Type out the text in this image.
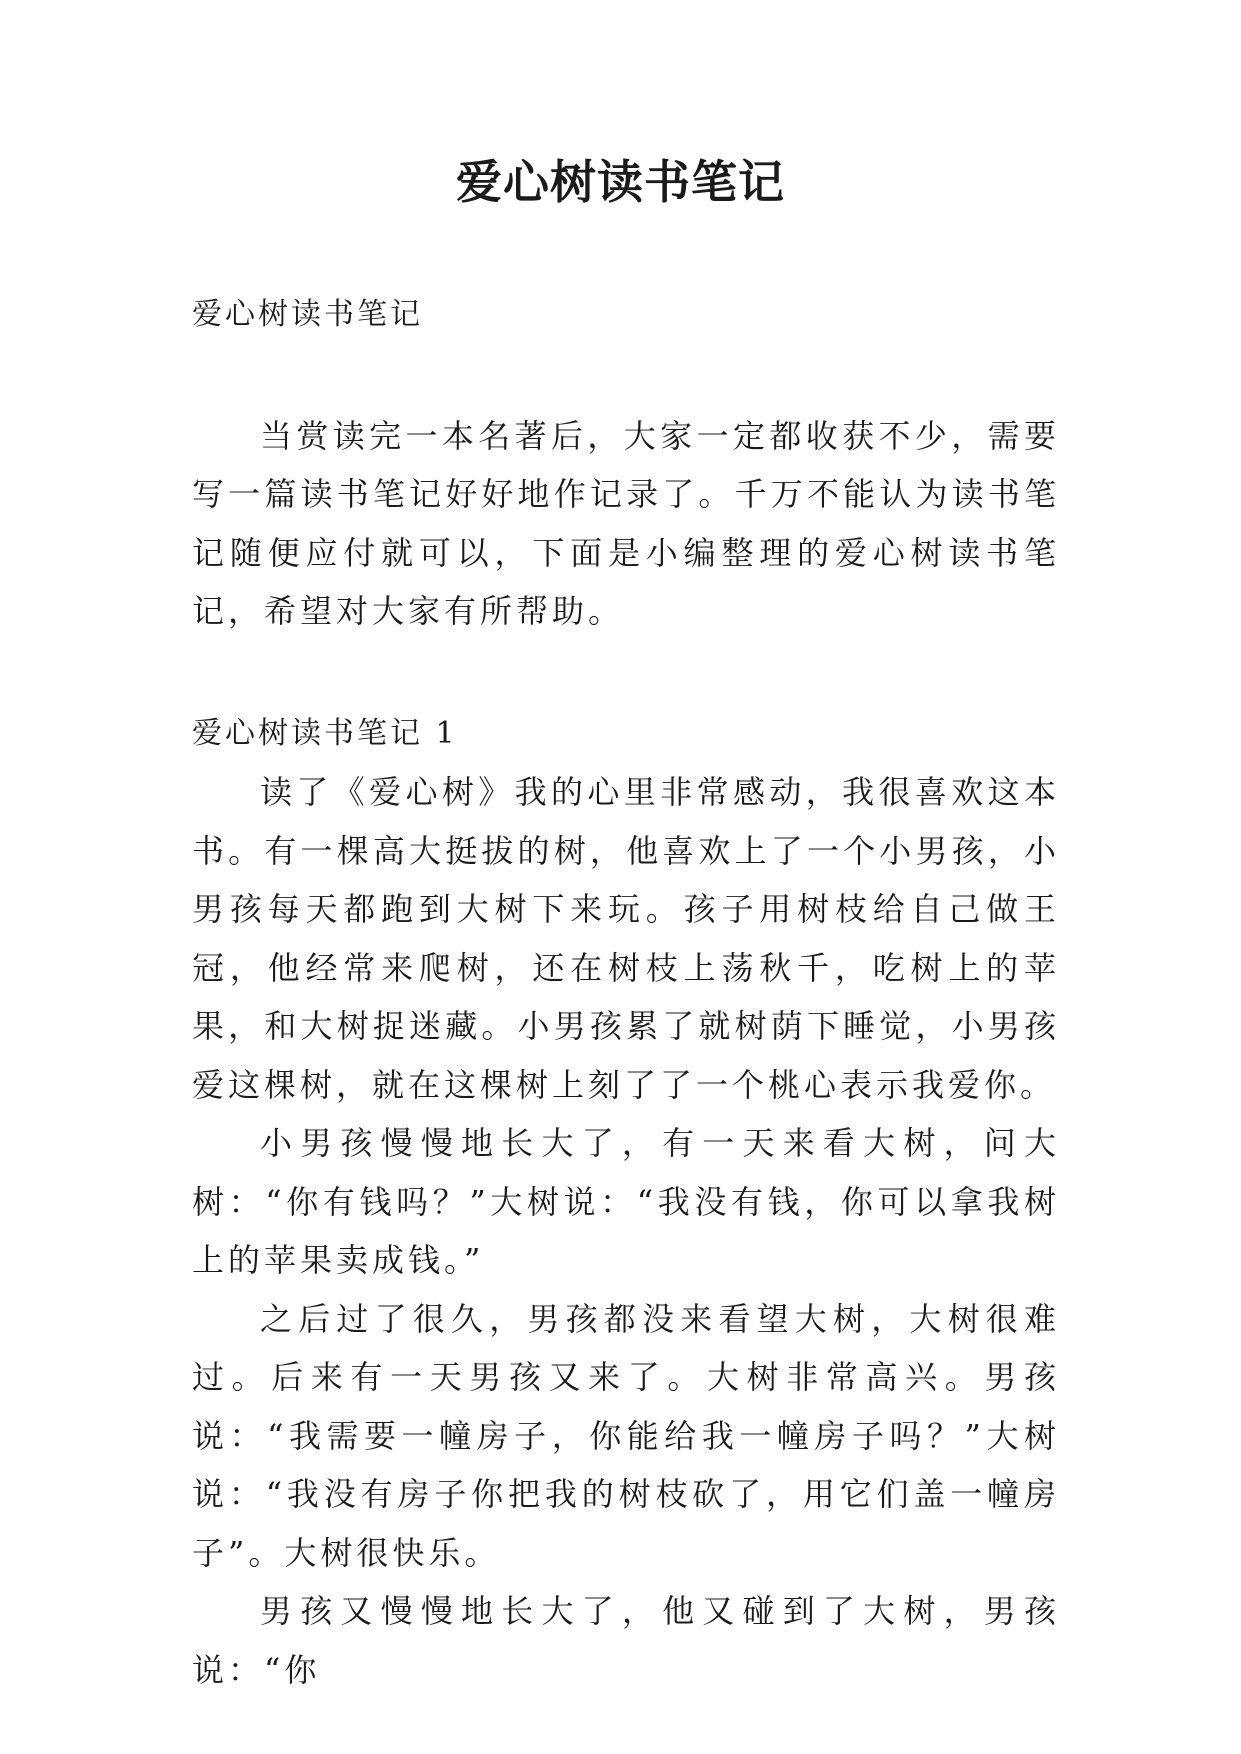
爱心树读书笔记

爱心树读书笔记

当赏读完一本名著后，大家一定都收获不少，需要写一篇读书笔记好好地作记录了。千万不能认为读书笔记随便应付就可以，下面是小编整理的爱心树读书笔记，希望对大家有所帮助。

爱心树读书笔记 1

读了《爱心树》我的心里非常感动，我很喜欢这本书。有一棵高大挺拔的树，他喜欢上了一个小男孩，小男孩每天都跑到大树下来玩。孩子用树枝给自己做王冠，他经常来爬树，还在树枝上荡秋千，吃树上的苹果，和大树捉迷藏。小男孩累了就树荫下睡觉，小男孩爱这棵树，就在这棵树上刻了了一个桃心表示我爱你。

小男孩慢慢地长大了，有一天来看大树，问大树：“你有钱吗？”大树说：“我没有钱，你可以拿我树上的苹果卖成钱。”

之后过了很久，男孩都没来看望大树，大树很难过。后来有一天男孩又来了。大树非常高兴。男孩说：“我需要一幢房子，你能给我一幢房子吗？”大树说：“我没有房子你把我的树枝砍了，用它们盖一幢房子”。大树很快乐。

男孩又慢慢地长大了，他又碰到了大树，男孩说：“你
